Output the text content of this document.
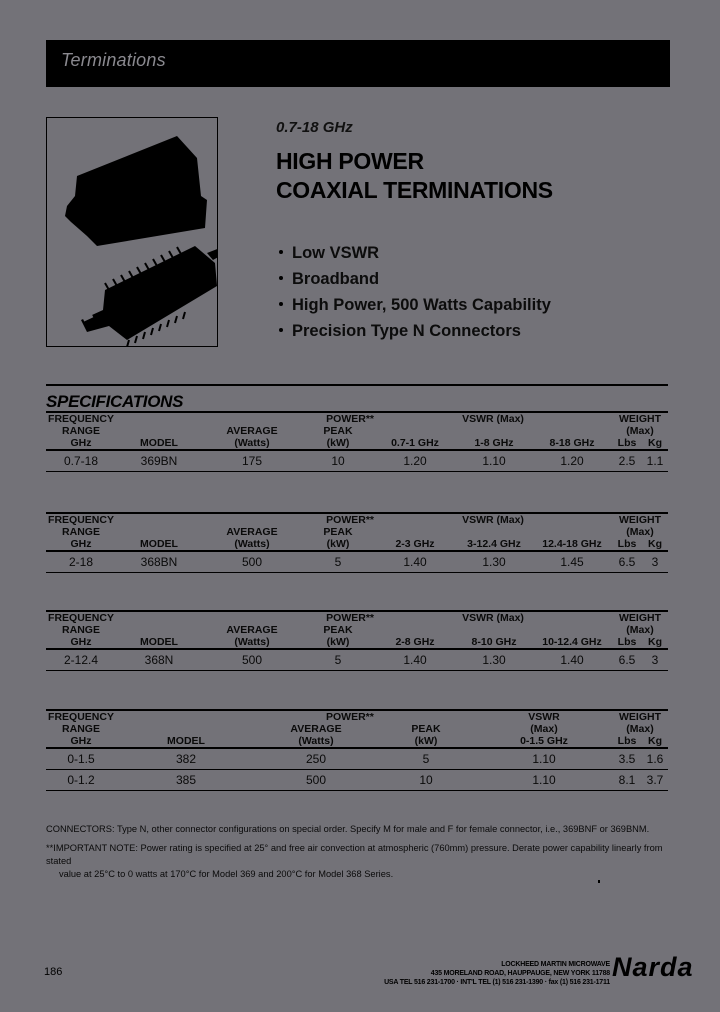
Terminations
0.7-18 GHz
HIGH POWER
COAXIAL TERMINATIONS
Low VSWR
Broadband
High Power, 500 Watts Capability
Precision Type N Connectors
SPECIFICATIONS
FREQUENCY		POWER**		VSWR (Max)			WEIGHT	
RANGE		AVERAGE	PEAK				(Max)	
GHz	MODEL	(Watts)	(kW)	0.7-1 GHz	1-8 GHz	8-18 GHz	Lbs	Kg
0.7-18	369BN	175	10	1.20	1.10	1.20	2.5	1.1
FREQUENCY		POWER**		VSWR (Max)			WEIGHT	
RANGE		AVERAGE	PEAK				(Max)	
GHz	MODEL	(Watts)	(kW)	2-3 GHz	3-12.4 GHz	12.4-18 GHz	Lbs	Kg
2-18	368BN	500	5	1.40	1.30	1.45	6.5	3
FREQUENCY		POWER**		VSWR (Max)			WEIGHT	
RANGE		AVERAGE	PEAK				(Max)	
GHz	MODEL	(Watts)	(kW)	2-8 GHz	8-10 GHz	10-12.4 GHz	Lbs	Kg
2-12.4	368N	500	5	1.40	1.30	1.40	6.5	3
FREQUENCY		POWER**		VSWR	WEIGHT	
RANGE		AVERAGE	PEAK	(Max)	(Max)	
GHz	MODEL	(Watts)	(kW)	0-1.5 GHz	Lbs	Kg
0-1.5	382	250	5	1.10	3.5	1.6
0-1.2	385	500	10	1.10	8.1	3.7

CONNECTORS: Type N, other connector configurations on special order. Specify M for male and F for female connector, i.e., 369BNF or 369BNM.

**IMPORTANT NOTE: Power rating is specified at 25° and free air convection at atmospheric (760mm) pressure. Derate power capability linearly from stated

value at 25°C to 0 watts at 170°C for Model 369 and 200°C for Model 368 Series.

186
LOCKHEED MARTIN MICROWAVE
435 MORELAND ROAD, HAUPPAUGE, NEW YORK 11788
USA TEL 516 231-1700 · INT'L TEL (1) 516 231-1390 · fax (1) 516 231-1711
Narda
